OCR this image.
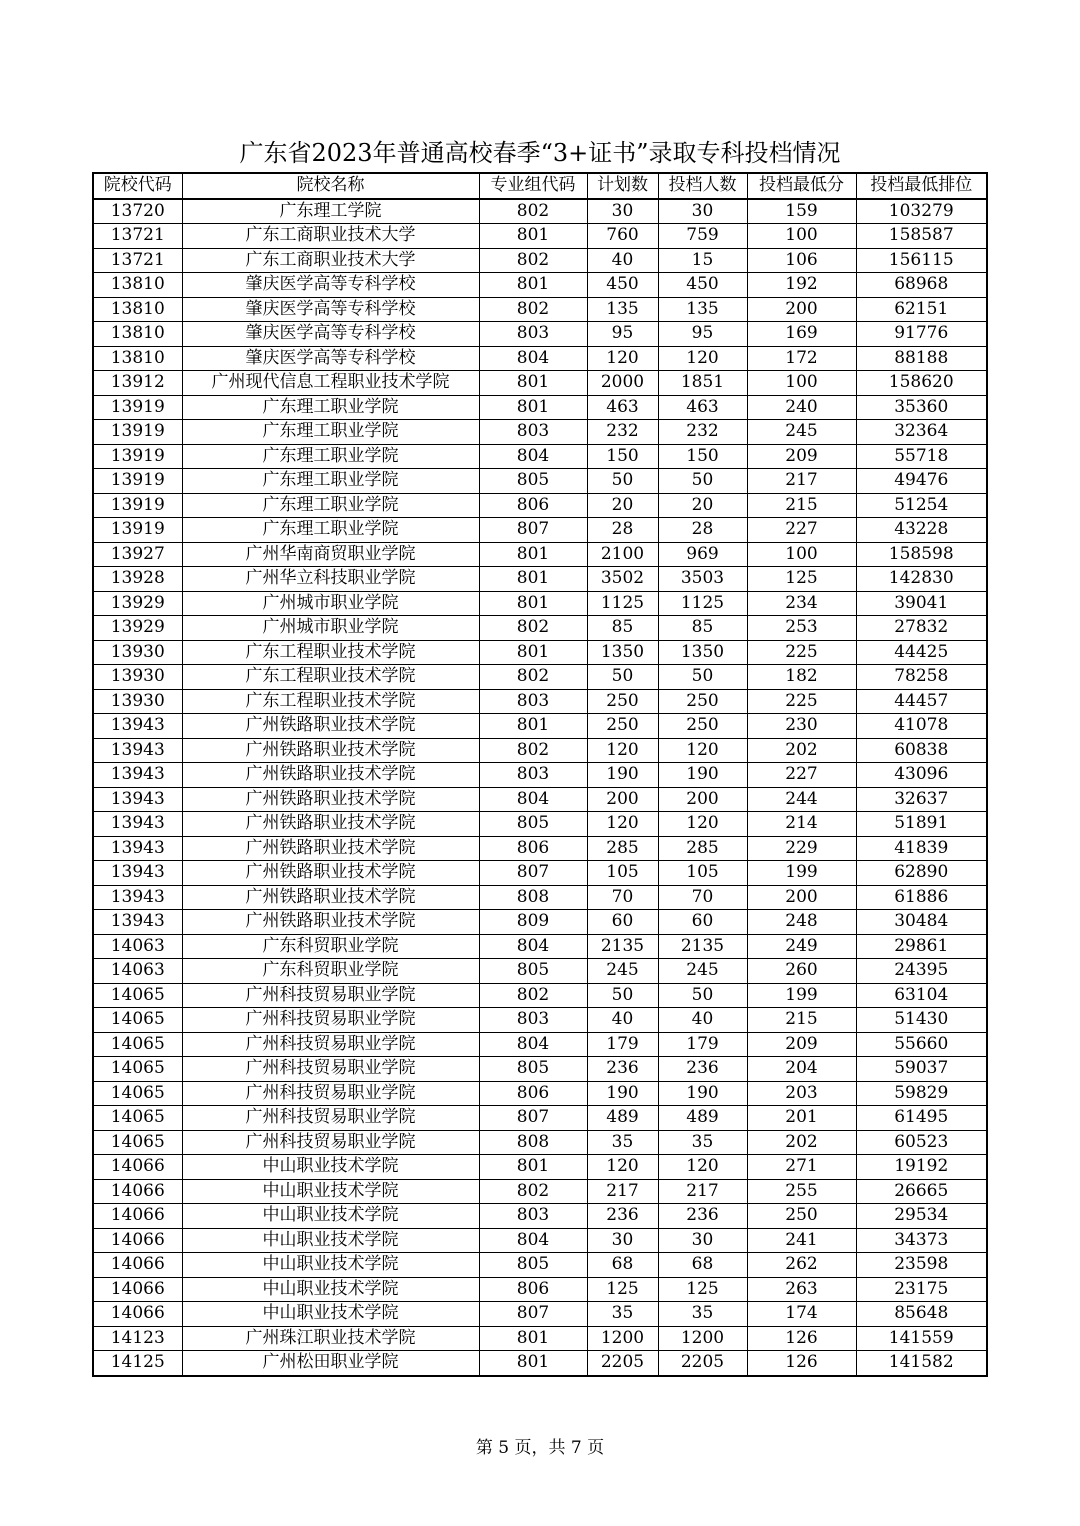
广东省2023年普通高校春季“3+证书”录取专科投档情况
院校代码	院校名称	专业组代码	计划数	投档人数	投档最低分	投档最低排位
13720	广东理工学院	802	30	30	159	103279
13721	广东工商职业技术大学	801	760	759	100	158587
13721	广东工商职业技术大学	802	40	15	106	156115
13810	肇庆医学高等专科学校	801	450	450	192	68968
13810	肇庆医学高等专科学校	802	135	135	200	62151
13810	肇庆医学高等专科学校	803	95	95	169	91776
13810	肇庆医学高等专科学校	804	120	120	172	88188
13912	广州现代信息工程职业技术学院	801	2000	1851	100	158620
13919	广东理工职业学院	801	463	463	240	35360
13919	广东理工职业学院	803	232	232	245	32364
13919	广东理工职业学院	804	150	150	209	55718
13919	广东理工职业学院	805	50	50	217	49476
13919	广东理工职业学院	806	20	20	215	51254
13919	广东理工职业学院	807	28	28	227	43228
13927	广州华南商贸职业学院	801	2100	969	100	158598
13928	广州华立科技职业学院	801	3502	3503	125	142830
13929	广州城市职业学院	801	1125	1125	234	39041
13929	广州城市职业学院	802	85	85	253	27832
13930	广东工程职业技术学院	801	1350	1350	225	44425
13930	广东工程职业技术学院	802	50	50	182	78258
13930	广东工程职业技术学院	803	250	250	225	44457
13943	广州铁路职业技术学院	801	250	250	230	41078
13943	广州铁路职业技术学院	802	120	120	202	60838
13943	广州铁路职业技术学院	803	190	190	227	43096
13943	广州铁路职业技术学院	804	200	200	244	32637
13943	广州铁路职业技术学院	805	120	120	214	51891
13943	广州铁路职业技术学院	806	285	285	229	41839
13943	广州铁路职业技术学院	807	105	105	199	62890
13943	广州铁路职业技术学院	808	70	70	200	61886
13943	广州铁路职业技术学院	809	60	60	248	30484
14063	广东科贸职业学院	804	2135	2135	249	29861
14063	广东科贸职业学院	805	245	245	260	24395
14065	广州科技贸易职业学院	802	50	50	199	63104
14065	广州科技贸易职业学院	803	40	40	215	51430
14065	广州科技贸易职业学院	804	179	179	209	55660
14065	广州科技贸易职业学院	805	236	236	204	59037
14065	广州科技贸易职业学院	806	190	190	203	59829
14065	广州科技贸易职业学院	807	489	489	201	61495
14065	广州科技贸易职业学院	808	35	35	202	60523
14066	中山职业技术学院	801	120	120	271	19192
14066	中山职业技术学院	802	217	217	255	26665
14066	中山职业技术学院	803	236	236	250	29534
14066	中山职业技术学院	804	30	30	241	34373
14066	中山职业技术学院	805	68	68	262	23598
14066	中山职业技术学院	806	125	125	263	23175
14066	中山职业技术学院	807	35	35	174	85648
14123	广州珠江职业技术学院	801	1200	1200	126	141559
14125	广州松田职业学院	801	2205	2205	126	141582
第 5 页，共 7 页
